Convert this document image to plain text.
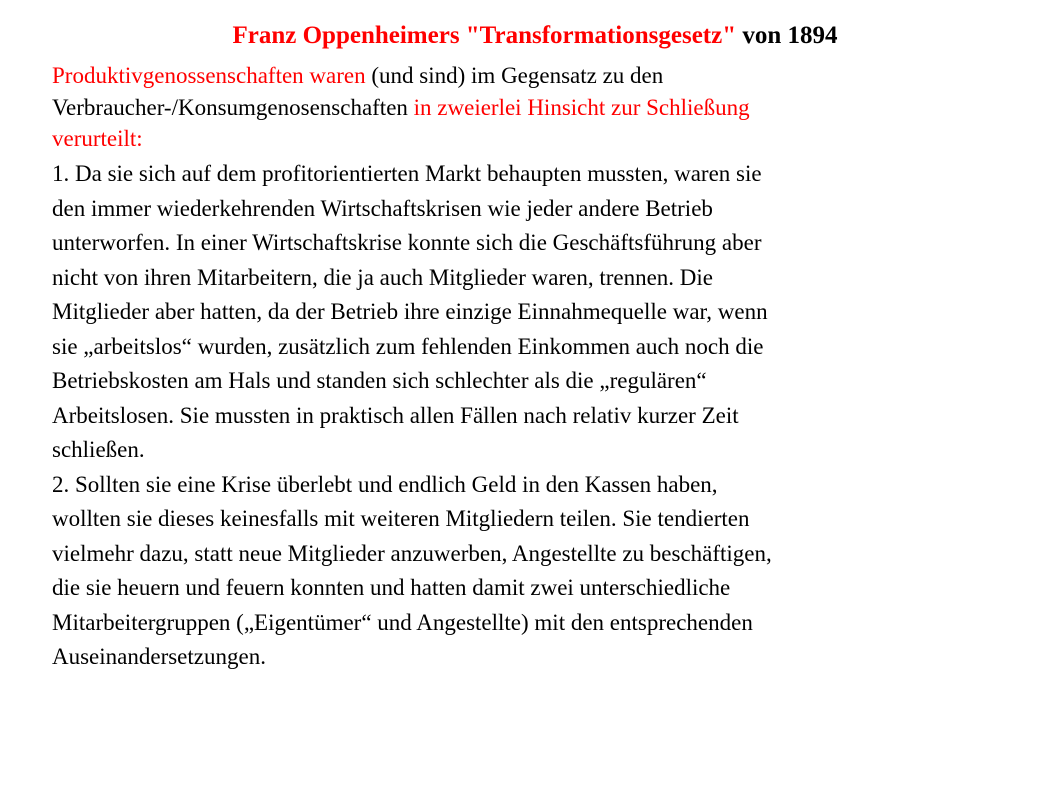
Franz Oppenheimers "Transformationsgesetz" von 1894
Produktivgenossenschaften waren (und sind) im Gegensatz zu den
Verbraucher-/Konsumgenosenschaften in zweierlei Hinsicht zur Schließung
verurteilt:
1. Da sie sich auf dem profitorientierten Markt behaupten mussten, waren sie
den immer wiederkehrenden Wirtschaftskrisen wie jeder andere Betrieb
unterworfen. In einer Wirtschaftskrise konnte sich die Geschäftsführung aber
nicht von ihren Mitarbeitern, die ja auch Mitglieder waren, trennen. Die
Mitglieder aber hatten, da der Betrieb ihre einzige Einnahmequelle war, wenn
sie „arbeitslos“ wurden, zusätzlich zum fehlenden Einkommen auch noch die
Betriebskosten am Hals und standen sich schlechter als die „regulären“
Arbeitslosen. Sie mussten in praktisch allen Fällen nach relativ kurzer Zeit
schließen.
2. Sollten sie eine Krise überlebt und endlich Geld in den Kassen haben,
wollten sie dieses keinesfalls mit weiteren Mitgliedern teilen. Sie tendierten
vielmehr dazu, statt neue Mitglieder anzuwerben, Angestellte zu beschäftigen,
die sie heuern und feuern konnten und hatten damit zwei unterschiedliche
Mitarbeitergruppen („Eigentümer“ und Angestellte) mit den entsprechenden
Auseinandersetzungen.
